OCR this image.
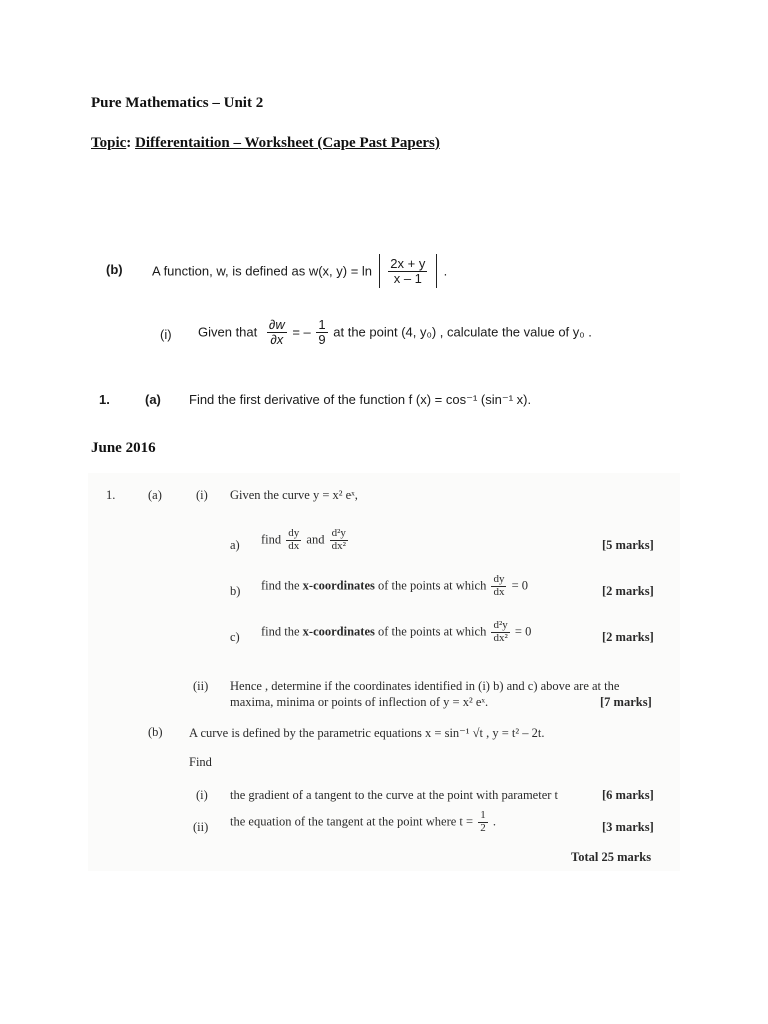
Pure Mathematics – Unit 2
Topic: Differentaition – Worksheet (Cape Past Papers)
(b) A function, w, is defined as w(x, $y) = \ln \frac{2x + y}{x - 1}$ .
(i) Given that $\frac{\partial w}{\partial x}$ = – $\frac{1}{9}$ at the point (4, y₀) , calculate the value of y₀ .
1.	(a) Find the first derivative of the function f (x) = cos⁻¹ (sin⁻¹ x).
June 2016
1.	(a)	(i) Given the curve y = x² eˣ,
a) find $\frac{dy}{dx}$ and $\frac{\text{d²y}}{\text{dx²}}$	[5 marks]
b) find the x-coordinates of the points at which $\frac{dy}{dx} = 0$	[2 marks]
c) find the x-coordinates of the points at which $\frac{\text{d²y}}{\text{dx²}} = 0$	[2 marks]
(ii) Hence , determine if the coordinates identified in (i) b) and c) above are at the
maxima, minima or points of inflection of y = x² eˣ.	[7 marks]
(b) A curve is defined by the parametric equations x = sin⁻¹ √t , y = t² – 2t.
Find
(i) the gradient of a tangent to the curve at the point with parameter t	[6 marks]
(ii) the equation of the tangent at the point where $t = \frac{1}{2}$ .	[3 marks]
Total 25 marks
